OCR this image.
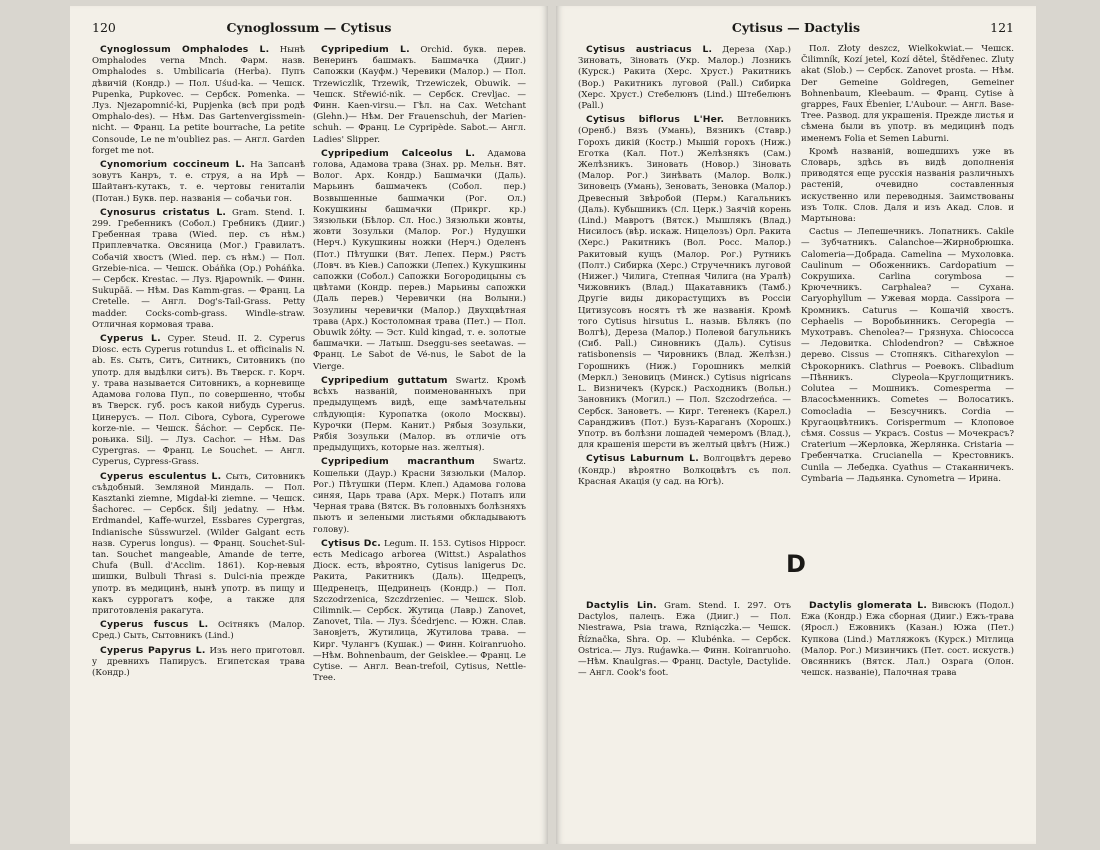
120	Cynoglossum — Cytisus

Cynoglossum Omphalodes L. Нынѣ Omphalodes verna Mnch. Фарм. назв. Omphalodes s. Umbilicaria (Herba). Пупъ дѣвичій (Кондр.) — Пол. Uśud-ka. — Чешск. Pupenka, Pupkovec. — Сербск. Pomenka. — Луз. Njezapomnić-ki, Pupjenka (всѣ при родѣ Omphalo-des). — Нѣм. Das Gartenvergissmein-nicht. — Франц. La petite bourrache, La petite Consoude, Le ne m'oubliez pas. — Англ. Garden forget me not.

Cynomorium coccineum L. На Запсанѣ зовутъ Канръ, т. е. струя, а на Ирѣ — Шайтанъ-кутакъ, т. е. чертовы гениталіи (Потан.) Букв. пер. названія — собачьи гон.

Cynosurus cristatus L. Gram. Stend. I. 299. Гребенникъ (Собол.) Гребникъ (Дииг.) Гребенная трава (Wied. пер. съ нѣм.) Приплевчатка. Овсяница (Мог.) Гравилатъ. Собачій хвостъ (Wied. пер. съ нѣм.) — Пол. Grzebie-nica. — Чешск. Obáňka (Op.) Poháňka.— Сербск. Krestac. — Луз. Rjapownik. — Финн. Sukupää. — Нѣм. Das Kamm-gras. — Франц. La Cretelle. — Англ. Dog's-Tail-Grass. Petty madder. Cocks-comb-grass. Windle-straw. Отличная кормовая трава.

Cyperus L. Cyper. Steud. II. 2. Cyperus Diosc. есть Cyperus rotundus L. et officinalis N. ab. Es. Сыть, Ситъ, Ситникъ, Ситовникъ (по употр. для выдѣлки ситъ). Въ Тверск. г. Корч. у. трава называется Ситовникъ, а корневище Адамова голова Пуп., по совершенно, чтобы въ Тверск. губ. росъ какой нибудь Cyperus. Цинерусъ. — Пол. Cibora, Cybora, Cyperowe korze-nie. — Чешск. Šáchor. — Сербск. Пе-роњика. Silj. — Луз. Cachor. — Нѣм. Das Cypergras. — Франц. Le Souchet. — Англ. Cyperus, Cypress-Grass.

Cyperus esculentus L. Сыть, Ситовникъ съѣдобный. Земляной Миндаль. — Пол. Kasztanki ziemne, Migdał-ki ziemne. — Чешск. Šachorec. — Сербск. Šilj jedatny. — Нѣм. Erdmandel, Kaffe-wurzel, Essbares Cypergras, Indianische Süsswurzel. (Wilder Galgant есть назв. Cyperus longus). — Франц. Souchet-Sul-tan. Souchet mangeable, Amande de terre, Chufa (Bull. d'Acclim. 1861). Кор-невыя шишки, Bulbuli Thrasi s. Dulci-nia прежде употр. въ медицинѣ, нынѣ употр. въ пищу и какъ суррогатъ кофе, а также для приготовленія ракагута.

Cyperus fuscus L. Осітнякъ (Малор. Сред.) Сыть, Сытовникъ (Lind.)

Cyperus Papyrus L. Изъ него приготовл. у древнихъ Папирусъ. Египетская трава (Кондр.)

Cypripedium L. Orchid. букв. перев. Венеринъ башмакъ. Башмачка (Дииг.) Сапожки (Кауфм.) Черевики (Малор.) — Пол. Trzewiczlik, Trzewik, Trzewiczek, Obuwik. — Чешск. Střewić-nik. — Сербск. Crevljac. — Финн. Kaen-virsu.— Гѣл. на Сах. Wetchant (Glehn.)— Нѣм. Der Frauenschuh, der Marien-schuh. — Франц. Le Cypripède. Sabot.— Англ. Ladies' Slipper.

Cypripedium Calceolus L. Адамова голова, Адамова трава (Знах. рр. Мельн. Вят. Волог. Арх. Кондр.) Башмачки (Даль). Марьинъ башмачекъ (Собол. пер.) Возвышенные башмачки (Рог. Ол.) Кокушкины башмачки (Прикрг. кр.) Зязюльки (Бѣлор. Сл. Нос.) Зязюльки жовты, жовти Зозульки (Малор. Рог.) Нудушки (Нерч.) Кукушкины ножки (Нерч.) Оделенъ (Пот.) Пѣтушки (Вят. Лепех. Перм.) Рястъ (Ловч. въ Кіев.) Сапожки (Лепех.) Кукушкины сапожки (Собол.) Сапожки Богородицыны съ цвѣтами (Кондр. перев.) Марьины сапожки (Даль перев.) Черевички (на Волыни.) Зозулины черевички (Малор.) Двухцвѣтная трава (Арх.) Костоломная трава (Пет.) — Пол. Obuwik żółty. — Эст. Kuld kingad, т. е. золотые башмачки. — Латыш. Dseggu-ses seetawas. — Франц. Le Sabot de Vé-nus, le Sabot de la Vierge.

Cypripedium guttatum Swartz. Кромѣ всѣхъ названій, поименованныхъ при предыдущемъ видѣ, еще замѣчательны слѣдующія: Куропатка (около Москвы). Курочки (Перм. Канит.) Рябыя Зозульки, Рябія Зозульки (Малор. въ отличіе отъ предыдущихъ, которые наз. желтыя).

Cypripedium macranthum Swartz. Кошельки (Даур.) Красни Зязюльки (Малор. Рог.) Пѣтушки (Перм. Клеп.) Адамова голова синяя, Царь трава (Арх. Мерк.) Потапъ или Черная трава (Вятск. Въ головныхъ болѣзняхъ пьютъ и зелеными листьями обкладываютъ голову).

Cytisus Dc. Legum. II. 153. Cytisos Hippocr. есть Medicago arborea (Wittst.) Aspalathos Діоск. есть, вѣроятно, Cytisus lanigerus Dc. Ракита, Ракитникъ (Даль). Щедрецъ, Щедренецъ, Щедринецъ (Кондр.) — Пол. Szczodrzenica, Szczdrzeniec. — Чешск. Slob. Cilimnik.— Сербск. Жутица (Лавр.) Zanovet, Zanovet, Tila. — Луз. Šćedrjenc. — Южн. Слав. Зановјетъ, Жутилица, Жутилова трава. — Кирг. Чулангъ (Кушак.) — Финн. Koiranruoho.—Нѣм. Bohnenbaum, der Geisklee.— Франц. Le Cytise. — Англ. Bean-trefoil, Cytisus, Nettle-Tree.

Cytisus — Dactylis	121

Cytisus austriacus L. Дереза (Хар.) Зиновать, Зіновать (Укр. Малор.) Лозникъ (Курск.) Ракита (Херс. Хруст.) Ракитникъ (Вор.) Ракитникъ луговой (Pall.) Сибирка (Херс. Хруст.) Стебелюнъ (Lind.) Штебелюнъ (Pall.)

Cytisus biflorus L'Her. Ветловникъ (Оренб.) Вязъ (Умань), Вязникъ (Ставр.) Горохъ дикій (Костр.) Мышій горохъ (Ниж.) Еготка (Кал. Пот.) Желѣзнякъ (Сам.) Желѣзникъ. Зиновать (Новор.) Зіновать (Малор. Рог.) Зинѣвать (Малор. Волк.) Зиновецъ (Умань), Зеновать, Зеновка (Малор.) Древесный Звѣробой (Перм.) Кагальникъ (Даль). Кубышникъ (Сл. Церк.) Заячій корень (Lind.) Мавротъ (Вятск.) Мышлякъ (Влад.) Нисилосъ (вѣр. искаж. Ницелозъ) Орл. Ракита (Херс.) Ракитникъ (Вол. Росс. Малор.) Ракитовый кущъ (Малор. Рог.) Рутникъ (Полт.) Сибирка (Херс.) Стручечникъ луговой (Нижег.) Чилига, Степная Чилига (на Уралѣ) Чижовникъ (Влад.) Щакатавникъ (Тамб.) Другіе виды дикорастущихъ въ Россіи Цитизусовъ носятъ тѣ же названія. Кромѣ того Cytisus hirsutus L. назыв. Бѣлякъ (по Волгѣ), Дереза (Малор.) Полевой багульникъ (Сиб. Pall.) Синовникъ (Даль). Cytisus ratisbonensis — Чировникъ (Влад. Желѣзн.) Горошникъ (Ниж.) Горошникъ мелкій (Меркл.) Зеновицъ (Минск.) Cytisus nigricans L. Визничекъ (Курск.) Расходникъ (Вольн.) Зановникъ (Могил.) — Пол. Szczodrzeńca. — Сербск. Зановетъ. — Кирг. Теrенекъ (Карел.) Сарандживъ (Пот.) Бузъ-Караганъ (Хорошх.) Употр. въ болѣзни лошадей чемеромъ (Влад.), для крашенія шерсти въ желтый цвѣтъ (Ниж.)

Cytisus Laburnum L. Волгоцвѣтъ дерево (Кондр.) вѣроятно Волкоцвѣтъ съ пол. Красная Акація (у сад. на Югѣ).

Пол. Złoty deszcz, Wielkokwiat.— Чешск. Čilimník, Kozí jetel, Kozí dětel, Štědřenec. Zluty akat (Slob.) — Сербск. Zanovet prosta. — Нѣм. Der Gemeine Goldregen, Gemeiner Bohnenbaum, Kleebaum. — Франц. Cytise à grappes, Faux Ébenier, L'Aubour. — Англ. Base-Tree. Развод. для украшенія. Прежде листья и сѣмена были въ употр. въ медицинѣ подъ именемъ Folia et Semen Laburni.

Кромѣ названій, вошедшихъ уже въ Словарь, здѣсь въ видѣ дополненія приводятся еще русскія названія различныхъ растеній, очевидно составленныя искуственно или переводныя. Заимствованы изъ Толк. Слов. Даля и изъ Акад. Слов. и Мартынова:

Cactus — Лепешечникъ. Лопатникъ. Cakile— Зубчатникъ. Calanchoe—Жирнобрюшка. Calomeria—Добрада. Camelina — Мухоловка. Caulinum — Обоженникъ. Cardopatium — Сокрушиха. Carlina corymbosa — Крючечникъ. Carphalea? — Сухана. Caryophyllum — Ужевая морда. Cassipora — Кромникъ. Caturus — Кошачій хвостъ. Cephaelis — Воробьинникъ. Ceropegia — Мухотравъ. Chenolea?— Грязнуха. Chiococca — Ледовитка. Chlodendron? — Свѣжное дерево. Cissus — Стопнякъ. Citharexylon — Сѣрокорникъ. Clathrus — Роевокъ. Clibadium—Пѣнникъ. Clypeola—Круглощитникъ. Colutea — Мошникъ. Comesperma — Власосѣменникъ. Cometes — Волосатикъ. Comocladia — Безсучникъ. Cordia — Кругаоцвѣтникъ. Corispermum — Клоповое сѣмя. Cossus — Украсъ. Costus — Мочекрасъ? Craterium —Жерловка, Жерлянка. Cristaria — Гребенчатка. Crucianella — Крестовникъ. Cunila — Лебедка. Cyathus — Стаканничекъ. Cymbaria — Ладьянка. Cynometra — Ирина.

D

Dactylis Lin. Gram. Stend. I. 297. Отъ Dactylos, палецъ. Ежа (Дииг.) — Пол. Niestrawa, Psia trawa, Rzniączka.— Чешск. Říznačka, Shra. Op. — Klubénka. — Сербск. Ostrica.— Луз. Ruǵawka.— Финн. Koiranruoho.—Нѣм. Knaulgras.— Франц. Dactyle, Dactylide. — Англ. Cook's foot.

Dactylis glomerata L. Вивсюкъ (Подол.) Ежа (Кондр.) Ежа сборная (Дииг.) Ежъ-трава (Яросл.) Ежовникъ (Казан.) Южа (Пет.) Купкова (Lind.) Матляжокъ (Курск.) Мітлица (Малор. Рог.) Мизинчикъ (Пет. сост. искуств.) Овсянникъ (Вятск. Лал.) Озрага (Олон. чешск. названіе), Палочная трава
